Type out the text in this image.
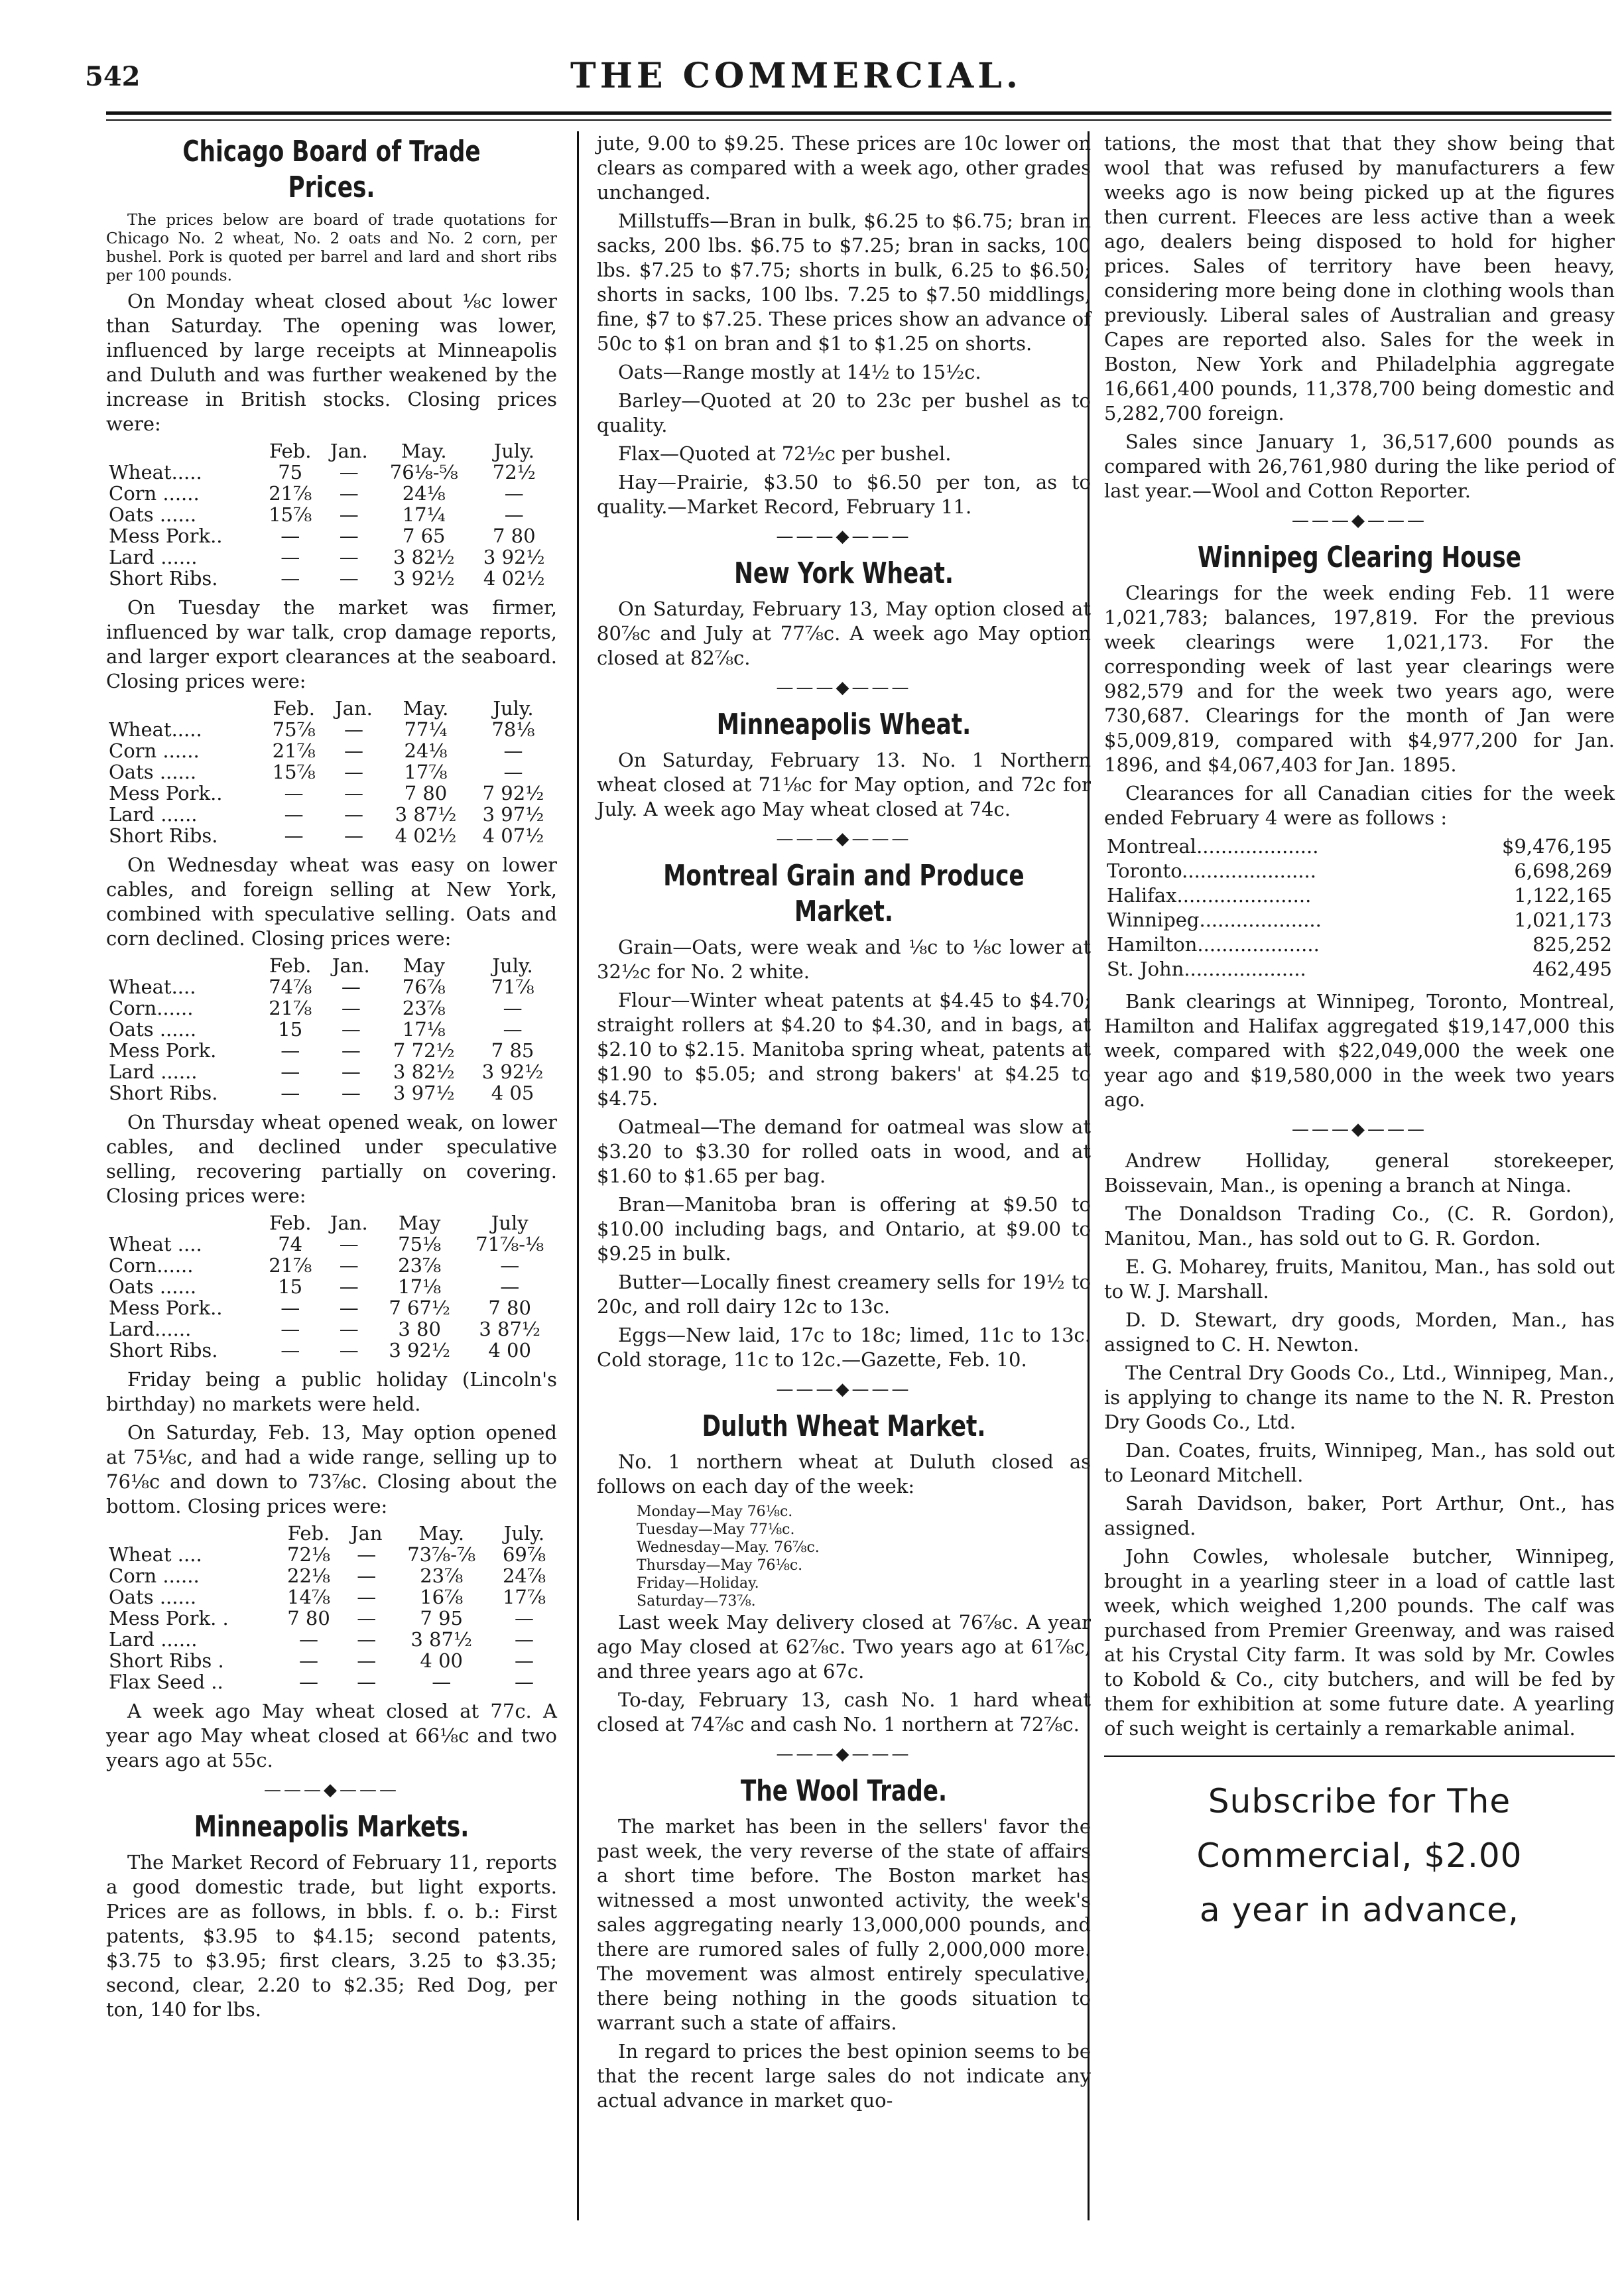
542	THE COMMERCIAL.
Chicago Board of Trade Prices.

The prices below are board of trade quotations for Chicago No. 2 wheat, No. 2 oats and No. 2 corn, per bushel. Pork is quoted per barrel and lard and short ribs per 100 pounds.

On Monday wheat closed about ⅛c lower than Saturday. The opening was lower, influenced by large receipts at Minneapolis and Duluth and was further weakened by the increase in British stocks. Closing prices were:

	Feb.	Jan.	May.	July.
Wheat.....	75	—	76⅛-⅝	72½
Corn ......	21⅞	—	24⅛	—
Oats ......	15⅞	—	17¼	—
Mess Pork..	—	—	7 65	7 80
Lard ......	—	—	3 82½	3 92½
Short Ribs.	—	—	3 92½	4 02½

On Tuesday the market was firmer, influenced by war talk, crop damage reports, and larger export clearances at the seaboard. Closing prices were:

	Feb.	Jan.	May.	July.
Wheat.....	75⅞	—	77¼	78⅛
Corn ......	21⅞	—	24⅛	—
Oats ......	15⅞	—	17⅞	—
Mess Pork..	—	—	7 80	7 92½
Lard ......	—	—	3 87½	3 97½
Short Ribs.	—	—	4 02½	4 07½

On Wednesday wheat was easy on lower cables, and foreign selling at New York, combined with speculative selling. Oats and corn declined. Closing prices were:

	Feb.	Jan.	May	July.
Wheat....	74⅞	—	76⅞	71⅞
Corn......	21⅞	—	23⅞	—
Oats ......	15	—	17⅛	—
Mess Pork.	—	—	7 72½	7 85
Lard ......	—	—	3 82½	3 92½
Short Ribs.	—	—	3 97½	4 05

On Thursday wheat opened weak, on lower cables, and declined under speculative selling, recovering partially on covering. Closing prices were:

	Feb.	Jan.	May	July
Wheat ....	74	—	75⅛	71⅞-⅛
Corn......	21⅞	—	23⅞	—
Oats ......	15	—	17⅛	—
Mess Pork..	—	—	7 67½	7 80
Lard......	—	—	3 80	3 87½
Short Ribs.	—	—	3 92½	4 00

Friday being a public holiday (Lincoln's birthday) no markets were held.

On Saturday, Feb. 13, May option opened at 75⅛c, and had a wide range, selling up to 76⅛c and down to 73⅞c. Closing about the bottom. Closing prices were:

	Feb.	Jan	May.	July.
Wheat ....	72⅛	—	73⅞-⅞	69⅞
Corn ......	22⅛	—	23⅞	24⅞
Oats ......	14⅞	—	16⅞	17⅞
Mess Pork. .	7 80	—	7 95	—
Lard ......	—	—	3 87½	—
Short Ribs .	—	—	4 00	—
Flax Seed ..	—	—	—	—

A week ago May wheat closed at 77c. A year ago May wheat closed at 66⅛c and two years ago at 55c.

———◆———
Minneapolis Markets.

The Market Record of February 11, reports a good domestic trade, but light exports. Prices are as follows, in bbls. f. o. b.: First patents, $3.95 to $4.15; second patents, $3.75 to $3.95; first clears, 3.25 to $3.35; second, clear, 2.20 to $2.35; Red Dog, per ton, 140 for lbs.

jute, 9.00 to $9.25. These prices are 10c lower on clears as compared with a week ago, other grades unchanged.

Millstuffs—Bran in bulk, $6.25 to $6.75; bran in sacks, 200 lbs. $6.75 to $7.25; bran in sacks, 100 lbs. $7.25 to $7.75; shorts in bulk, 6.25 to $6.50; shorts in sacks, 100 lbs. 7.25 to $7.50 middlings, fine, $7 to $7.25. These prices show an advance of 50c to $1 on bran and $1 to $1.25 on shorts.

Oats—Range mostly at 14½ to 15½c.

Barley—Quoted at 20 to 23c per bushel as to quality.

Flax—Quoted at 72½c per bushel.

Hay—Prairie, $3.50 to $6.50 per ton, as to quality.—Market Record, February 11.

———◆———
New York Wheat.

On Saturday, February 13, May option closed at 80⅞c and July at 77⅞c. A week ago May option closed at 82⅞c.

———◆———
Minneapolis Wheat.

On Saturday, February 13. No. 1 Northern wheat closed at 71⅛c for May option, and 72c for July. A week ago May wheat closed at 74c.

———◆———
Montreal Grain and Produce Market.

Grain—Oats, were weak and ⅛c to ⅛c lower at 32½c for No. 2 white.

Flour—Winter wheat patents at $4.45 to $4.70; straight rollers at $4.20 to $4.30, and in bags, at $2.10 to $2.15. Manitoba spring wheat, patents at $1.90 to $5.05; and strong bakers' at $4.25 to $4.75.

Oatmeal—The demand for oatmeal was slow at $3.20 to $3.30 for rolled oats in wood, and at $1.60 to $1.65 per bag.

Bran—Manitoba bran is offering at $9.50 to $10.00 including bags, and Ontario, at $9.00 to $9.25 in bulk.

Butter—Locally finest creamery sells for 19½ to 20c, and roll dairy 12c to 13c.

Eggs—New laid, 17c to 18c; limed, 11c to 13c. Cold storage, 11c to 12c.—Gazette, Feb. 10.

———◆———
Duluth Wheat Market.

No. 1 northern wheat at Duluth closed as follows on each day of the week:

Monday—May 76⅛c.

Tuesday—May 77⅛c.

Wednesday—May. 76⅞c.

Thursday—May 76⅛c.

Friday—Holiday.

Saturday—73⅞.

Last week May delivery closed at 76⅞c. A year ago May closed at 62⅞c. Two years ago at 61⅞c, and three years ago at 67c.

To-day, February 13, cash No. 1 hard wheat closed at 74⅞c and cash No. 1 northern at 72⅞c.

———◆———
The Wool Trade.

The market has been in the sellers' favor the past week, the very reverse of the state of affairs a short time before. The Boston market has witnessed a most unwonted activity, the week's sales aggregating nearly 13,000,000 pounds, and there are rumored sales of fully 2,000,000 more. The movement was almost entirely speculative, there being nothing in the goods situation to warrant such a state of affairs.

In regard to prices the best opinion seems to be that the recent large sales do not indicate any actual advance in market quo-

tations, the most that that they show being that wool that was refused by manufacturers a few weeks ago is now being picked up at the figures then current. Fleeces are less active than a week ago, dealers being disposed to hold for higher prices. Sales of territory have been heavy, considering more being done in clothing wools than previously. Liberal sales of Australian and greasy Capes are reported also. Sales for the week in Boston, New York and Philadelphia aggregate 16,661,400 pounds, 11,378,700 being domestic and 5,282,700 foreign.

Sales since January 1, 36,517,600 pounds as compared with 26,761,980 during the like period of last year.—Wool and Cotton Reporter.

———◆———
Winnipeg Clearing House

Clearings for the week ending Feb. 11 were 1,021,783; balances, 197,819. For the previous week clearings were 1,021,173. For the corresponding week of last year clearings were 982,579 and for the week two years ago, were 730,687. Clearings for the month of Jan were $5,009,819, compared with $4,977,200 for Jan. 1896, and $4,067,403 for Jan. 1895.

Clearances for all Canadian cities for the week ended February 4 were as follows :

Montreal....................	$9,476,195
Toronto......................	6,698,269
Halifax......................	1,122,165
Winnipeg....................	1,021,173
Hamilton....................	825,252
St. John....................	462,495

Bank clearings at Winnipeg, Toronto, Montreal, Hamilton and Halifax aggregated $19,147,000 this week, compared with $22,049,000 the week one year ago and $19,580,000 in the week two years ago.

———◆———

Andrew Holliday, general storekeeper, Boissevain, Man., is opening a branch at Ninga.

The Donaldson Trading Co., (C. R. Gordon), Manitou, Man., has sold out to G. R. Gordon.

E. G. Moharey, fruits, Manitou, Man., has sold out to W. J. Marshall.

D. D. Stewart, dry goods, Morden, Man., has assigned to C. H. Newton.

The Central Dry Goods Co., Ltd., Winnipeg, Man., is applying to change its name to the N. R. Preston Dry Goods Co., Ltd.

Dan. Coates, fruits, Winnipeg, Man., has sold out to Leonard Mitchell.

Sarah Davidson, baker, Port Arthur, Ont., has assigned.

John Cowles, wholesale butcher, Winnipeg, brought in a yearling steer in a load of cattle last week, which weighed 1,200 pounds. The calf was purchased from Premier Greenway, and was raised at his Crystal City farm. It was sold by Mr. Cowles to Kobold & Co., city butchers, and will be fed by them for exhibition at some future date. A yearling of such weight is certainly a remarkable animal.

Subscribe for The
Commercial, $2.00
a year in advance,
